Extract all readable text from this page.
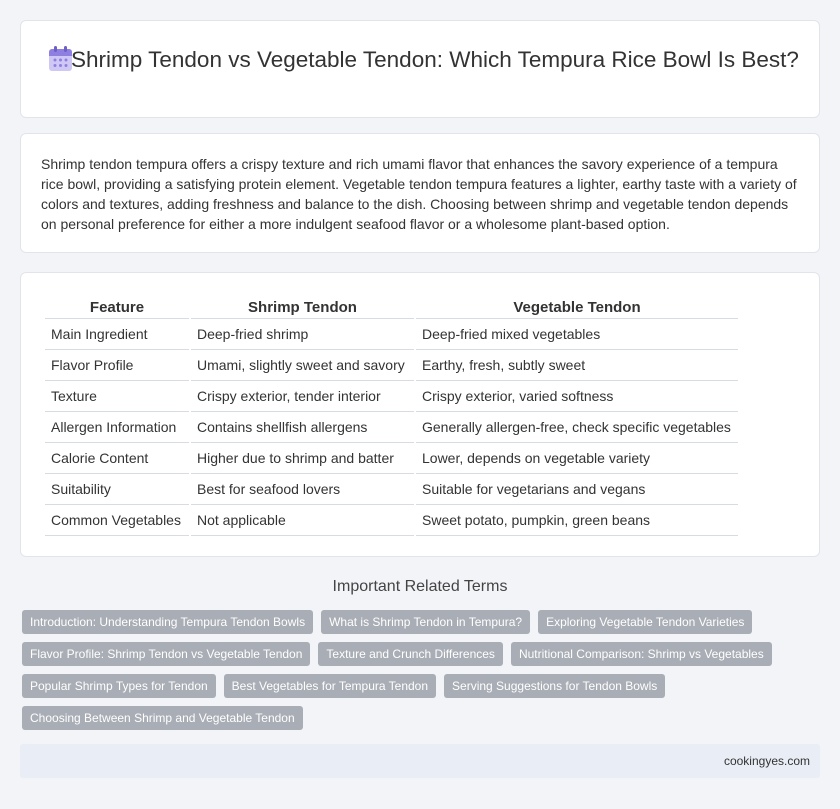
Shrimp Tendon vs Vegetable Tendon: Which Tempura Rice Bowl Is Best?

Shrimp tendon tempura offers a crispy texture and rich umami flavor that enhances the savory experience of a tempura rice bowl, providing a satisfying protein element. Vegetable tendon tempura features a lighter, earthy taste with a variety of colors and textures, adding freshness and balance to the dish. Choosing between shrimp and vegetable tendon depends on personal preference for either a more indulgent seafood flavor or a wholesome plant-based option.

Feature	Shrimp Tendon	Vegetable Tendon
Main Ingredient	Deep-fried shrimp	Deep-fried mixed vegetables
Flavor Profile	Umami, slightly sweet and savory	Earthy, fresh, subtly sweet
Texture	Crispy exterior, tender interior	Crispy exterior, varied softness
Allergen Information	Contains shellfish allergens	Generally allergen-free, check specific vegetables
Calorie Content	Higher due to shrimp and batter	Lower, depends on vegetable variety
Suitability	Best for seafood lovers	Suitable for vegetarians and vegans
Common Vegetables	Not applicable	Sweet potato, pumpkin, green beans
Important Related Terms
Introduction: Understanding Tempura Tendon Bowls	What is Shrimp Tendon in Tempura?	Exploring Vegetable Tendon Varieties
Flavor Profile: Shrimp Tendon vs Vegetable Tendon	Texture and Crunch Differences	Nutritional Comparison: Shrimp vs Vegetables
Popular Shrimp Types for Tendon	Best Vegetables for Tempura Tendon	Serving Suggestions for Tendon Bowls
Choosing Between Shrimp and Vegetable Tendon
cookingyes.com
